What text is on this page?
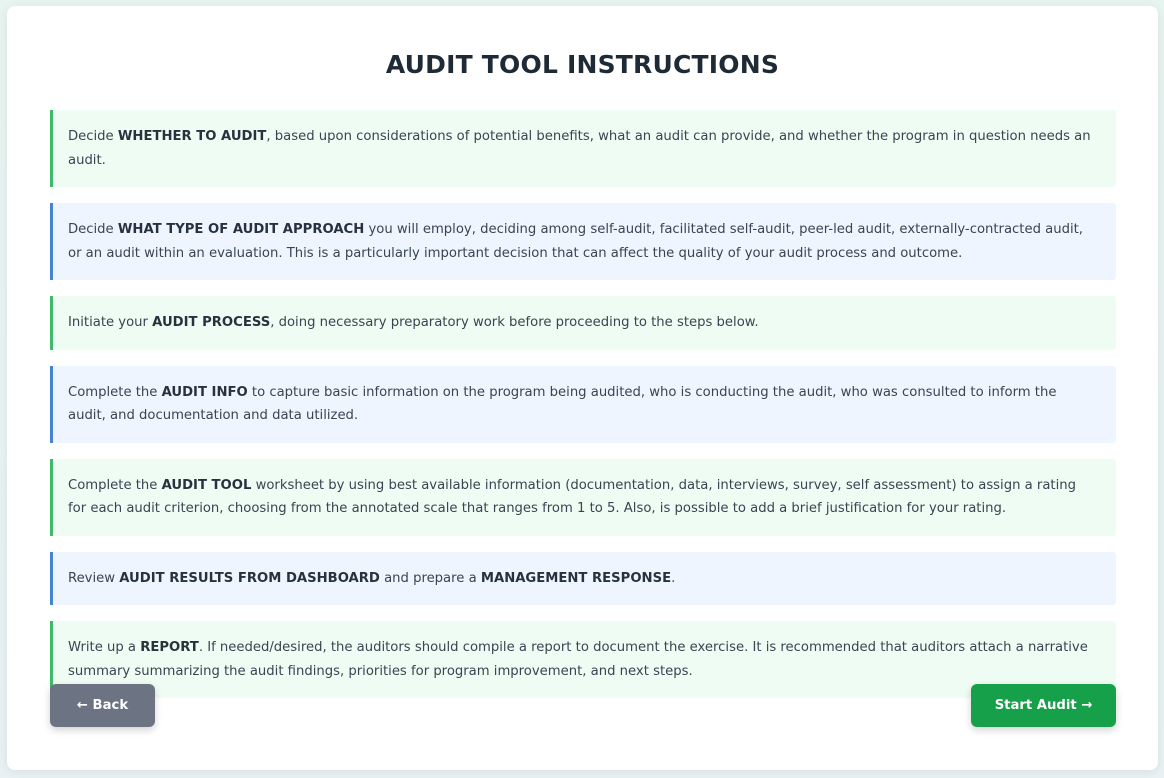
AUDIT TOOL INSTRUCTIONS
Decide WHETHER TO AUDIT, based upon considerations of potential benefits, what an audit can provide, and whether the program in question needs an audit.
Decide WHAT TYPE OF AUDIT APPROACH you will employ, deciding among self-audit, facilitated self-audit, peer-led audit, externally-contracted audit, or an audit within an evaluation. This is a particularly important decision that can affect the quality of your audit process and outcome.
Initiate your AUDIT PROCESS, doing necessary preparatory work before proceeding to the steps below.
Complete the AUDIT INFO to capture basic information on the program being audited, who is conducting the audit, who was consulted to inform the audit, and documentation and data utilized.
Complete the AUDIT TOOL worksheet by using best available information (documentation, data, interviews, survey, self assessment) to assign a rating for each audit criterion, choosing from the annotated scale that ranges from 1 to 5. Also, is possible to add a brief justification for your rating.
Review AUDIT RESULTS FROM DASHBOARD and prepare a MANAGEMENT RESPONSE.
Write up a REPORT. If needed/desired, the auditors should compile a report to document the exercise. It is recommended that auditors attach a narrative summary summarizing the audit findings, priorities for program improvement, and next steps.
← Back	Start Audit →
